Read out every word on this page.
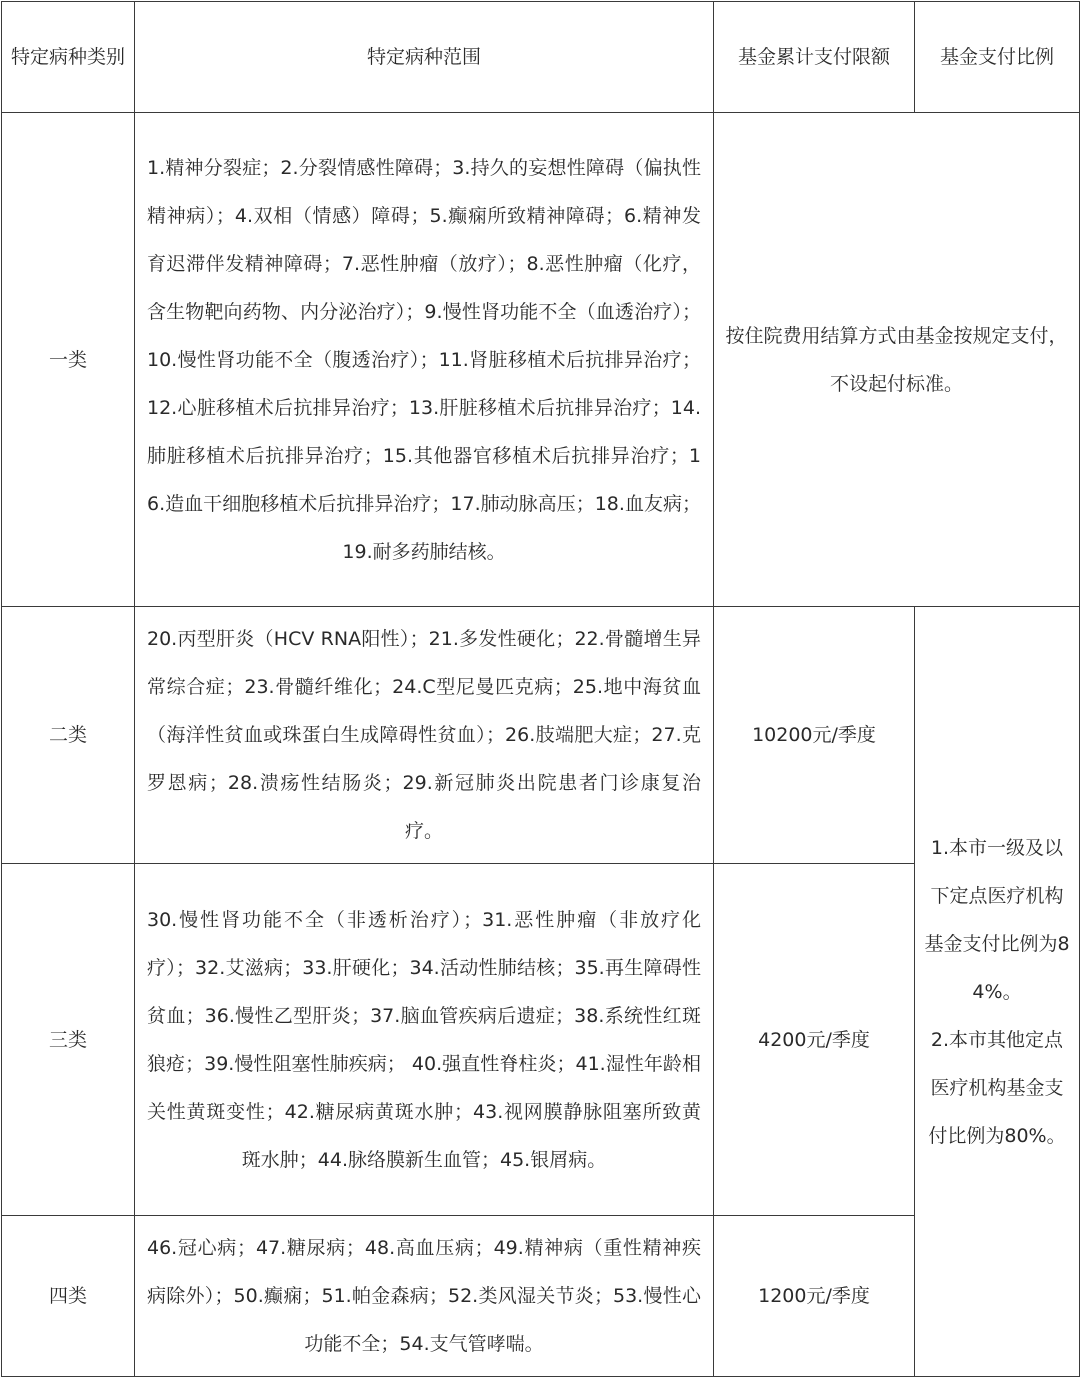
特定病种类别	特定病种范围	基金累计支付限额	基金支付比例
一类	1.精神分裂症；2.分裂情感性障碍；3.持久的妄想性障碍（偏执性精神病）；4.双相（情感）障碍；5.癫痫所致精神障碍；6.精神发育迟滞伴发精神障碍；7.恶性肿瘤（放疗）；8.恶性肿瘤（化疗，含生物靶向药物、内分泌治疗）；9.慢性肾功能不全（血透治疗）；10.慢性肾功能不全（腹透治疗）；11.肾脏移植术后抗排异治疗；12.心脏移植术后抗排异治疗；13.肝脏移植术后抗排异治疗；14.肺脏移植术后抗排异治疗；15.其他器官移植术后抗排异治疗；16.造血干细胞移植术后抗排异治疗；17.肺动脉高压；18.血友病；19.耐多药肺结核。	按住院费用结算方式由基金按规定支付，不设起付标准。	
二类	20.丙型肝炎（HCV RNA阳性）；21.多发性硬化；22.骨髓增生异常综合症；23.骨髓纤维化；24.C型尼曼匹克病；25.地中海贫血（海洋性贫血或珠蛋白生成障碍性贫血）；26.肢端肥大症；27.克罗恩病；28.溃疡性结肠炎；29.新冠肺炎出院患者门诊康复治疗。	10200元/季度	1.本市一级及以下定点医疗机构基金支付比例为84%。
2.本市其他定点医疗机构基金支付比例为80%。

三类	30.慢性肾功能不全（非透析治疗）；31.恶性肿瘤（非放疗化疗）；32.艾滋病；33.肝硬化；34.活动性肺结核；35.再生障碍性贫血；36.慢性乙型肝炎；37.脑血管疾病后遗症；38.系统性红斑狼疮；39.慢性阻塞性肺疾病； 40.强直性脊柱炎；41.湿性年龄相关性黄斑变性；42.糖尿病黄斑水肿；43.视网膜静脉阻塞所致黄斑水肿；44.脉络膜新生血管；45.银屑病。	4200元/季度	
四类	46.冠心病；47.糖尿病；48.高血压病；49.精神病（重性精神疾病除外）；50.癫痫；51.帕金森病；52.类风湿关节炎；53.慢性心功能不全；54.支气管哮喘。	1200元/季度	
